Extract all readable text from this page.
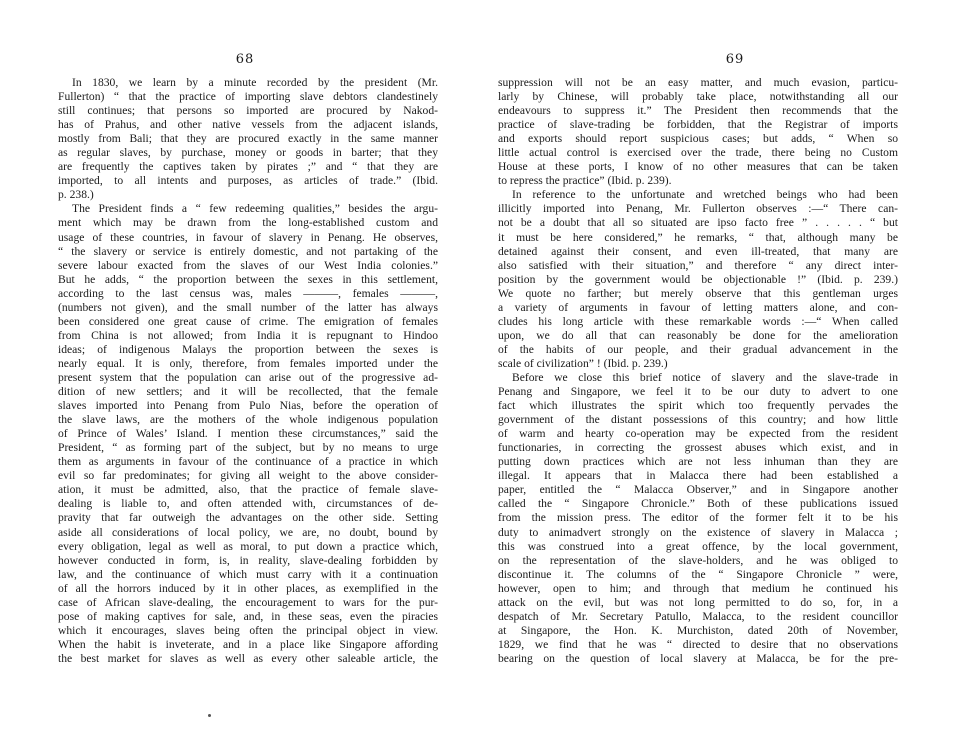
68
In 1830, we learn by a minute recorded by the president (Mr.
Fullerton) “ that the practice of importing slave debtors clandestinely
still continues; that persons so imported are procured by Nakod-
has of Prahus, and other native vessels from the adjacent islands,
mostly from Bali; that they are procured exactly in the same manner
as regular slaves, by purchase, money or goods in barter; that they
are frequently the captives taken by pirates ;” and “ that they are
imported, to all intents and purposes, as articles of trade.” (Ibid.
p. 238.)
The President finds a “ few redeeming qualities,” besides the argu-
ment which may be drawn from the long-established custom and
usage of these countries, in favour of slavery in Penang. He observes,
“ the slavery or service is entirely domestic, and not partaking of the
severe labour exacted from the slaves of our West India colonies.”
But he adds, “ the proportion between the sexes in this settlement,
according to the last census was, males ———, females ———,
(numbers not given), and the small number of the latter has always
been considered one great cause of crime. The emigration of females
from China is not allowed; from India it is repugnant to Hindoo
ideas; of indigenous Malays the proportion between the sexes is
nearly equal. It is only, therefore, from females imported under the
present system that the population can arise out of the progressive ad-
dition of new settlers; and it will be recollected, that the female
slaves imported into Penang from Pulo Nias, before the operation of
the slave laws, are the mothers of the whole indigenous population
of Prince of Wales’ Island. I mention these circumstances,” said the
President, “ as forming part of the subject, but by no means to urge
them as arguments in favour of the continuance of a practice in which
evil so far predominates; for giving all weight to the above consider-
ation, it must be admitted, also, that the practice of female slave-
dealing is liable to, and often attended with, circumstances of de-
pravity that far outweigh the advantages on the other side. Setting
aside all considerations of local policy, we are, no doubt, bound by
every obligation, legal as well as moral, to put down a practice which,
however conducted in form, is, in reality, slave-dealing forbidden by
law, and the continuance of which must carry with it a continuation
of all the horrors induced by it in other places, as exemplified in the
case of African slave-dealing, the encouragement to wars for the pur-
pose of making captives for sale, and, in these seas, even the piracies
which it encourages, slaves being often the principal object in view.
When the habit is inveterate, and in a place like Singapore affording
the best market for slaves as well as every other saleable article, the
69
suppression will not be an easy matter, and much evasion, particu-
larly by Chinese, will probably take place, notwithstanding all our
endeavours to suppress it.” The President then recommends that the
practice of slave-trading be forbidden, that the Registrar of imports
and exports should report suspicious cases; but adds, “ When so
little actual control is exercised over the trade, there being no Custom
House at these ports, I know of no other measures that can be taken
to repress the practice” (Ibid. p. 239).
In reference to the unfortunate and wretched beings who had been
illicitly imported into Penang, Mr. Fullerton observes :—“ There can-
not be a doubt that all so situated are ipso facto free ” . . . . . “ but
it must be here considered,” he remarks, “ that, although many be
detained against their consent, and even ill-treated, that many are
also satisfied with their situation,” and therefore “ any direct inter-
position by the government would be objectionable !” (Ibid. p. 239.)
We quote no farther; but merely observe that this gentleman urges
a variety of arguments in favour of letting matters alone, and con-
cludes his long article with these remarkable words :—“ When called
upon, we do all that can reasonably be done for the amelioration
of the habits of our people, and their gradual advancement in the
scale of civilization” ! (Ibid. p. 239.)
Before we close this brief notice of slavery and the slave-trade in
Penang and Singapore, we feel it to be our duty to advert to one
fact which illustrates the spirit which too frequently pervades the
government of the distant possessions of this country; and how little
of warm and hearty co-operation may be expected from the resident
functionaries, in correcting the grossest abuses which exist, and in
putting down practices which are not less inhuman than they are
illegal. It appears that in Malacca there had been established a
paper, entitled the “ Malacca Observer,” and in Singapore another
called the “ Singapore Chronicle.” Both of these publications issued
from the mission press. The editor of the former felt it to be his
duty to animadvert strongly on the existence of slavery in Malacca ;
this was construed into a great offence, by the local government,
on the representation of the slave-holders, and he was obliged to
discontinue it. The columns of the “ Singapore Chronicle ” were,
however, open to him; and through that medium he continued his
attack on the evil, but was not long permitted to do so, for, in a
despatch of Mr. Secretary Patullo, Malacca, to the resident councillor
at Singapore, the Hon. K. Murchiston, dated 20th of November,
1829, we find that he was “ directed to desire that no observations
bearing on the question of local slavery at Malacca, be for the pre-
